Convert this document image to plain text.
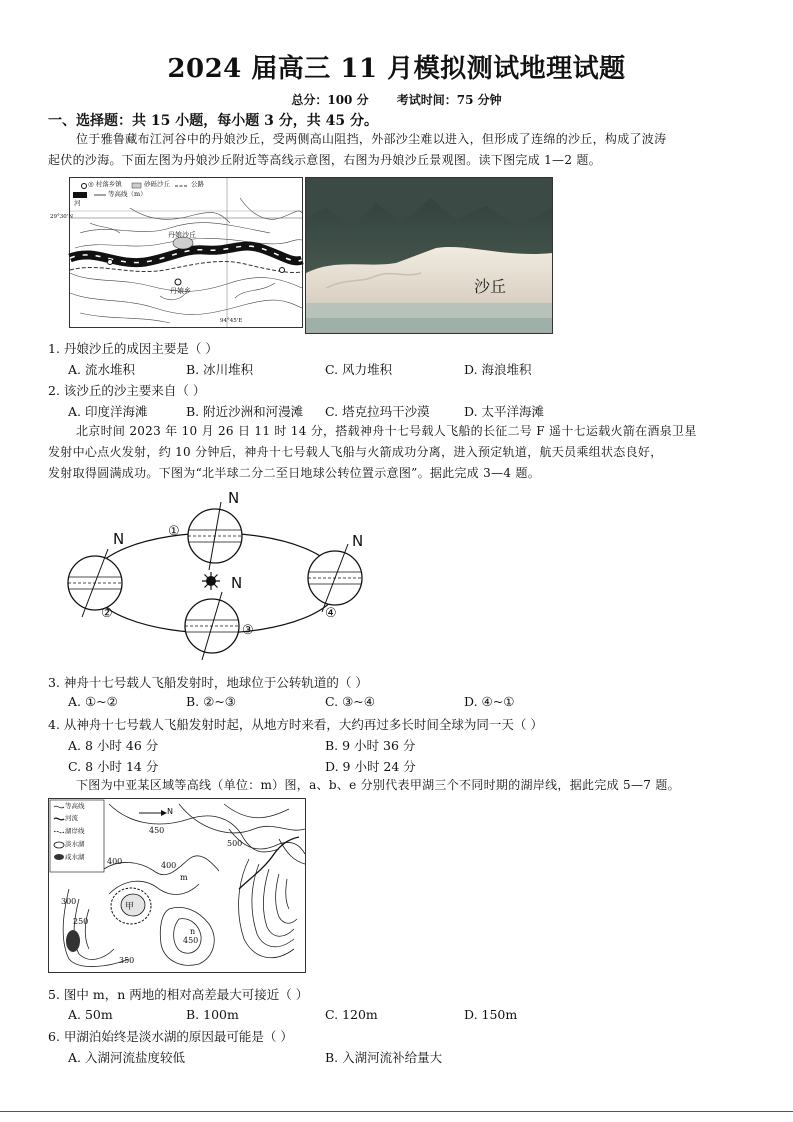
2024 届高三 11 月模拟测试地理试题
总分：100 分 考试时间：75 分钟
一、选择题：共 15 小题，每小题 3 分，共 45 分。
位于雅鲁藏布江河谷中的丹娘沙丘，受两侧高山阻挡，外部沙尘难以进入，但形成了连绵的沙丘，构成了波涛
起伏的沙海。下面左图为丹娘沙丘附近等高线示意图，右图为丹娘沙丘景观图。读下图完成 1—2 题。
◎ 村落乡镇	砂砾沙丘	公路
等高线（m）
河
丹娘沙丘
丹娘乡
29°30'N
94°45'E
沙丘
1. 丹娘沙丘的成因主要是（ ）
A. 流水堆积	B. 冰川堆积	C. 风力堆积	D. 海浪堆积
2. 该沙丘的沙主要来自（ ）
A. 印度洋海滩	B. 附近沙洲和河漫滩 C. 塔克拉玛干沙漠	D. 太平洋海滩
北京时间 2023 年 10 月 26 日 11 时 14 分，搭载神舟十七号载人飞船的长征二号 F 遥十七运载火箭在酒泉卫星
发射中心点火发射，约 10 分钟后，神舟十七号载人飞船与火箭成功分离，进入预定轨道，航天员乘组状态良好，
发射取得圆满成功。下图为“北半球二分二至日地球公转位置示意图”。据此完成 3—4 题。
N
N
N
N
①
②
③
④
3. 神舟十七号载人飞船发射时，地球位于公转轨道的（ ）
A. ①~②	B. ②~③	C. ③~④	D. ④~①
4. 从神舟十七号载人飞船发射时起，从地方时来看，大约再过多长时间全球为同一天（ ）
A. 8 小时 46 分	B. 9 小时 36 分
C. 8 小时 14 分	D. 9 小时 24 分
下图为中亚某区域等高线（单位：m）图，a、b、e 分别代表甲湖三个不同时期的湖岸线，据此完成 5—7 题。
等高线
河流
湖岸线
淡水湖
咸水湖
N
450
500
400	400
300
250
350
450
m
n
甲
5. 图中 m，n 两地的相对高差最大可接近（ ）
A. 50m	B. 100m	C. 120m	D. 150m
6. 甲湖泊始终是淡水湖的原因最可能是（ ）
A. 入湖河流盐度较低	B. 入湖河流补给量大
